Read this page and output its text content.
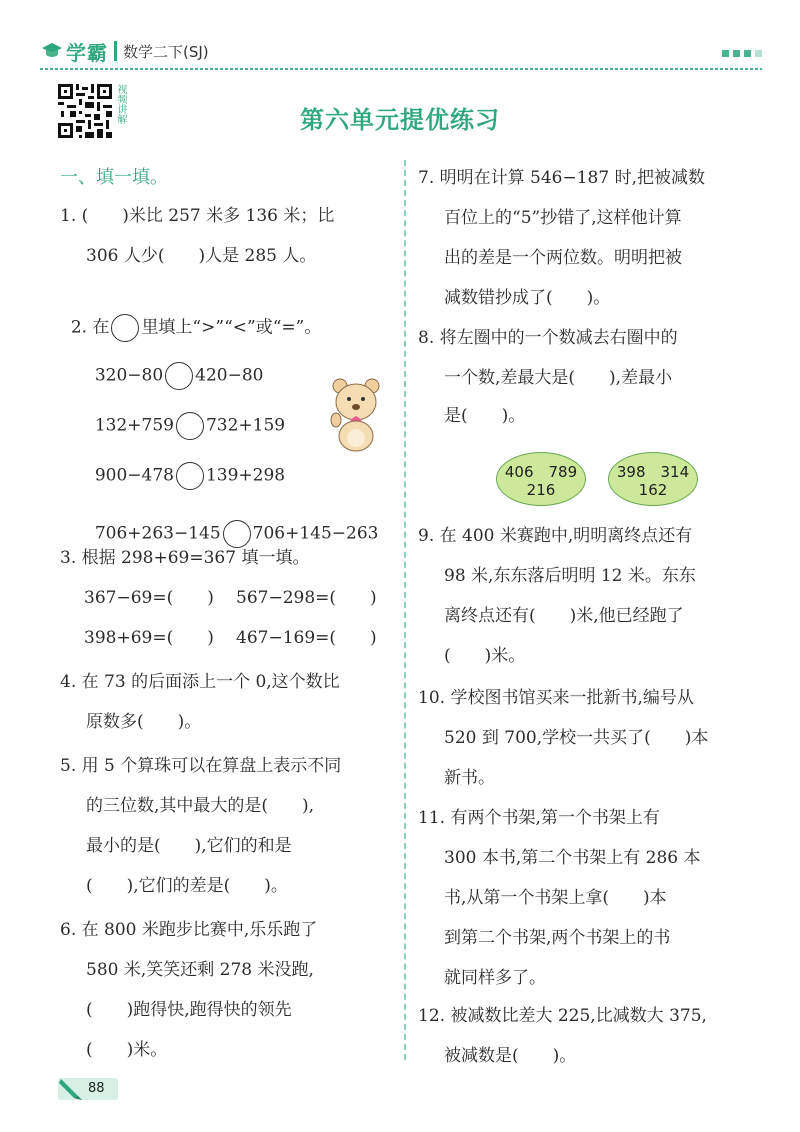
学霸 数学二下(SJ)
视频讲解	第六单元提优练习
一、填一填。
1. (　　)米比 257 米多 136 米；比
306 人少(　　)人是 285 人。

2. 在 里填上“>”“<”或“=”。

320−80 420−80

132+759 732+159

900−478 139+298

706+263−145 706+145−263

3. 根据 298+69=367 填一填。
367−69=(　　) 567−298=(　　)
398+69=(　　) 467−169=(　　)
4. 在 73 的后面添上一个 0,这个数比
原数多(　　)。
5. 用 5 个算珠可以在算盘上表示不同
的三位数,其中最大的是(　　),
最小的是(　　),它们的和是
(　　),它们的差是(　　)。
6. 在 800 米跑步比赛中,乐乐跑了
580 米,笑笑还剩 278 米没跑,
(　　)跑得快,跑得快的领先
(　　)米。
7. 明明在计算 546−187 时,把被减数
百位上的“5”抄错了,这样他计算
出的差是一个两位数。明明把被
减数错抄成了(　　)。
8. 将左圈中的一个数减去右圈中的
一个数,差最大是(　　),差最小
是(　　)。
406　789
216
398　314
162
9. 在 400 米赛跑中,明明离终点还有
98 米,东东落后明明 12 米。东东
离终点还有(　　)米,他已经跑了
(　　)米。
10. 学校图书馆买来一批新书,编号从
520 到 700,学校一共买了(　　)本
新书。
11. 有两个书架,第一个书架上有
300 本书,第二个书架上有 286 本
书,从第一个书架上拿(　　)本
到第二个书架,两个书架上的书
就同样多了。
12. 被减数比差大 225,比减数大 375,
被减数是(　　)。
88
